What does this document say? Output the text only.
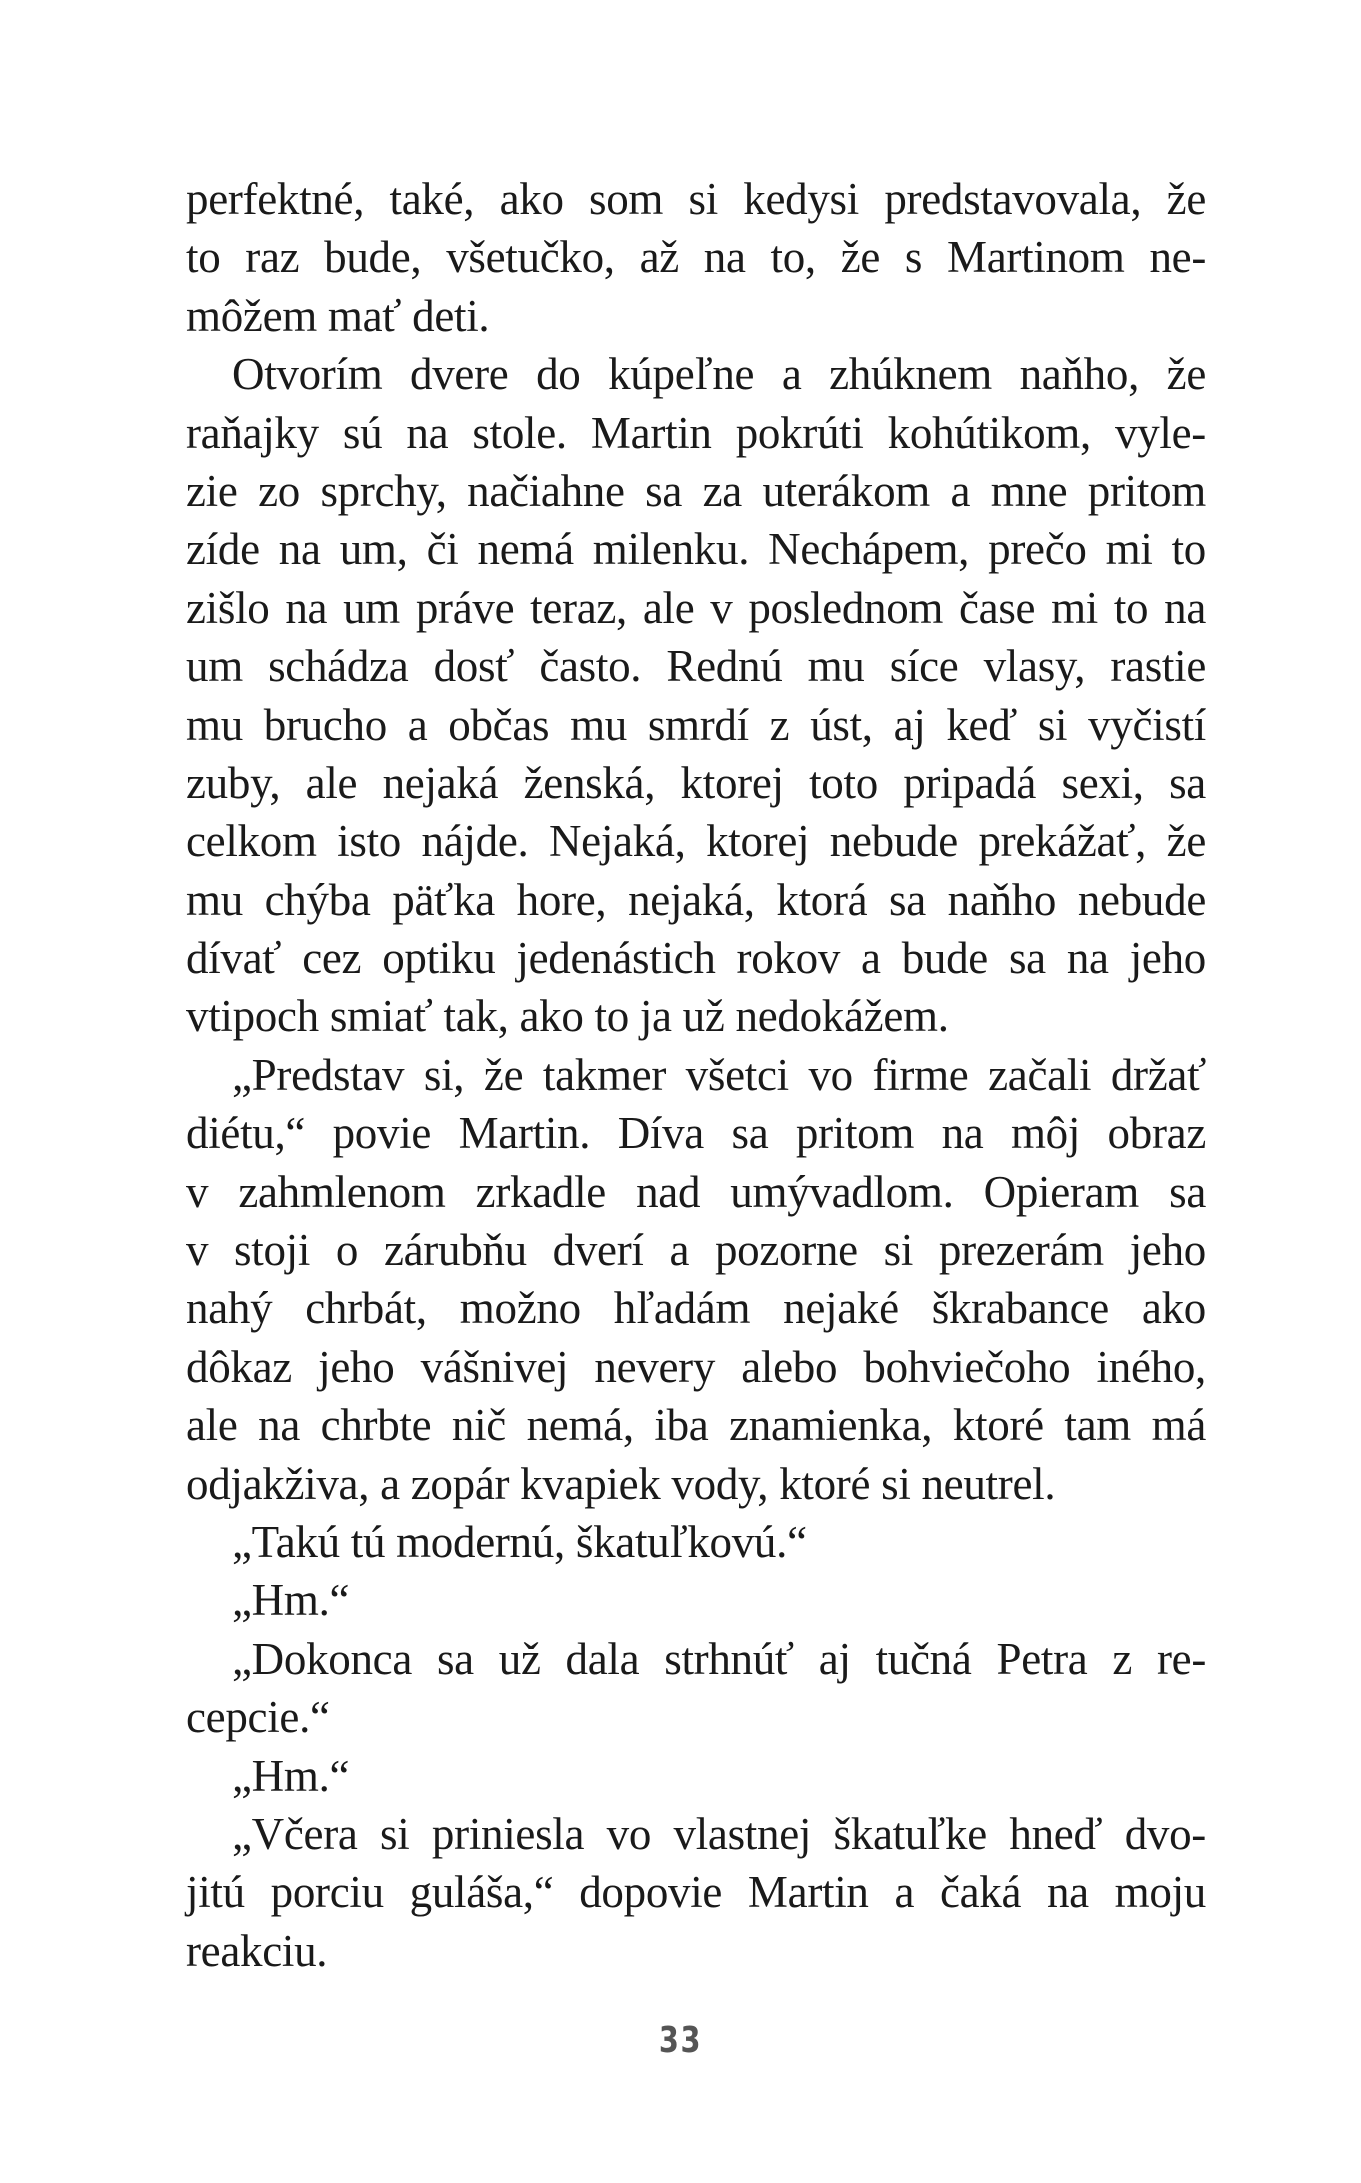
perfektné, také, ako som si kedysi predstavovala, že
to raz bude, všetučko, až na to, že s Martinom ne-
môžem mať deti.
Otvorím dvere do kúpeľne a zhúknem naňho, že
raňajky sú na stole. Martin pokrúti kohútikom, vyle-
zie zo sprchy, načiahne sa za uterákom a mne pritom
zíde na um, či nemá milenku. Nechápem, prečo mi to
zišlo na um práve teraz, ale v poslednom čase mi to na
um schádza dosť často. Rednú mu síce vlasy, rastie
mu brucho a občas mu smrdí z úst, aj keď si vyčistí
zuby, ale nejaká ženská, ktorej toto pripadá sexi, sa
celkom isto nájde. Nejaká, ktorej nebude prekážať, že
mu chýba päťka hore, nejaká, ktorá sa naňho nebude
dívať cez optiku jedenástich rokov a bude sa na jeho
vtipoch smiať tak, ako to ja už nedokážem.
„Predstav si, že takmer všetci vo firme začali držať
diétu,“ povie Martin. Díva sa pritom na môj obraz
v zahmlenom zrkadle nad umývadlom. Opieram sa
v stoji o zárubňu dverí a pozorne si prezerám jeho
nahý chrbát, možno hľadám nejaké škrabance ako
dôkaz jeho vášnivej nevery alebo bohviečoho iného,
ale na chrbte nič nemá, iba znamienka, ktoré tam má
odjakživa, a zopár kvapiek vody, ktoré si neutrel.
„Takú tú modernú, škatuľkovú.“
„Hm.“
„Dokonca sa už dala strhnúť aj tučná Petra z re-
cepcie.“
„Hm.“
„Včera si priniesla vo vlastnej škatuľke hneď dvo-
jitú porciu guláša,“ dopovie Martin a čaká na moju
reakciu.
33
